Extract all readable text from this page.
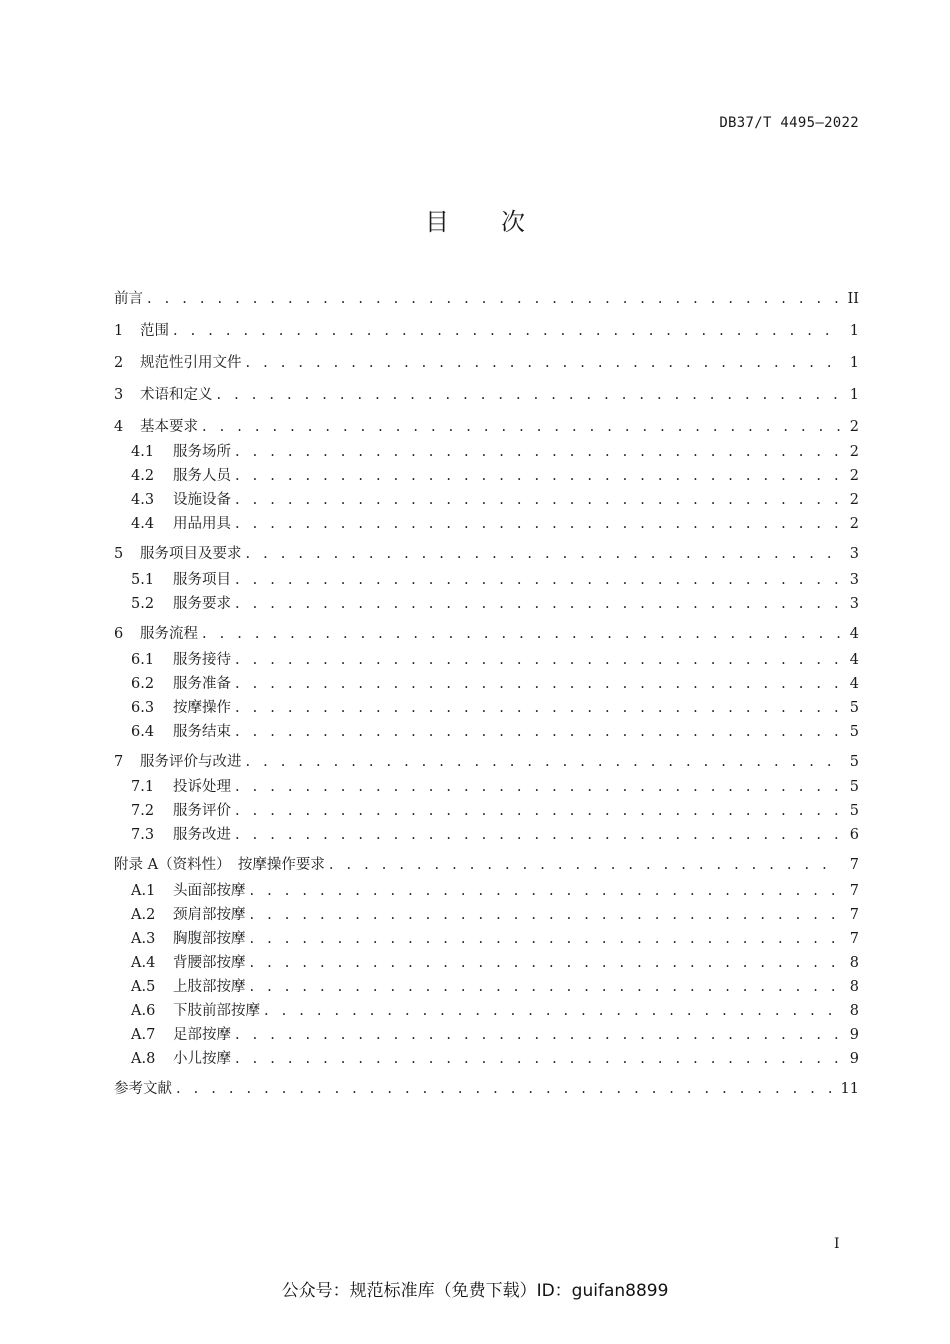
DB37/T 4495—2022
目次
前言 . . .	II
1	范围 . . .	1
2	规范性引用文件 . . .	1
3	术语和定义 . . .	1
4	基本要求 . . .	2
4.1	服务场所 . . .	2
4.2	服务人员 . . .	2
4.3	设施设备 . . .	2
4.4	用品用具 . . .	2
5	服务项目及要求 . . .	3
5.1	服务项目 . . .	3
5.2	服务要求 . . .	3
6	服务流程 . . .	4
6.1	服务接待 . . .	4
6.2	服务准备 . . .	4
6.3	按摩操作 . . .	5
6.4	服务结束 . . .	5
7	服务评价与改进 . . .	5
7.1	投诉处理 . . .	5
7.2	服务评价 . . .	5
7.3	服务改进 . . .	6
附录 A（资料性）　按摩操作要求 . . .	7
A.1	头面部按摩 . . .	7
A.2	颈肩部按摩 . . .	7
A.3	胸腹部按摩 . . .	7
A.4	背腰部按摩 . . .	8
A.5	上肢部按摩 . . .	8
A.6	下肢前部按摩 . . .	8
A.7	足部按摩 . . .	9
A.8	小儿按摩 . . .	9
参考文献 . . .	11
I
公众号：规范标准库（免费下载）ID：guifan8899
